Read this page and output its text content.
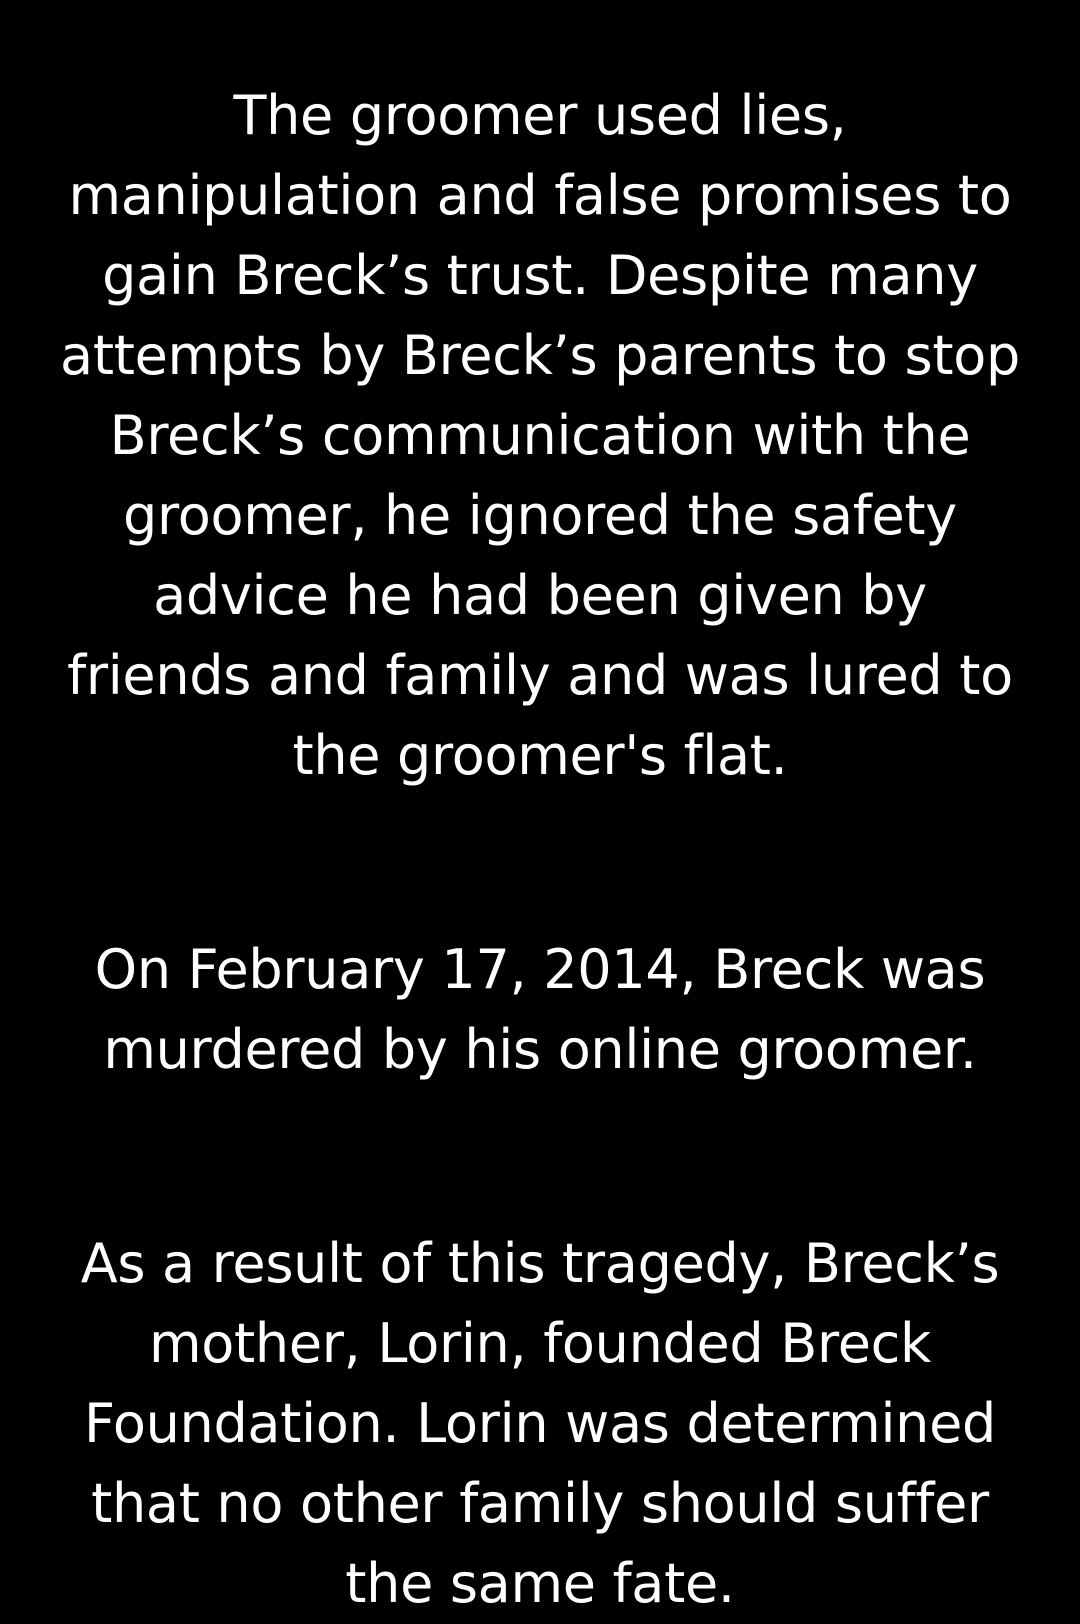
The groomer used lies, manipulation and false promises to gain Breck’s trust. Despite many attempts by Breck’s parents to stop Breck’s communication with the groomer, he ignored the safety advice he had been given by friends and family and was lured to the groomer's flat.

On February 17, 2014, Breck was murdered by his online groomer.

As a result of this tragedy, Breck’s mother, Lorin, founded Breck Foundation. Lorin was determined that no other family should suffer the same fate.
